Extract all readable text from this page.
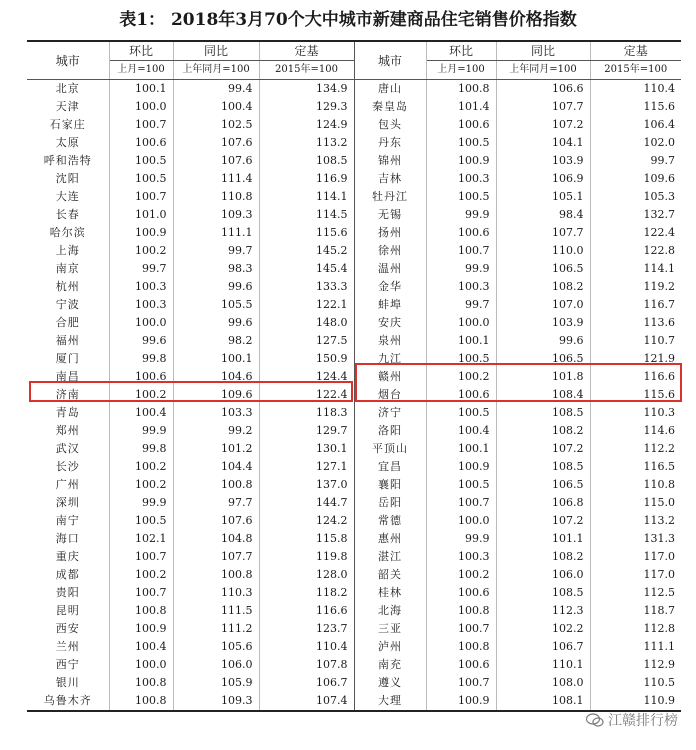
表1： 2018年3月70个大中城市新建商品住宅销售价格指数
城市	环比	同比	定基	城市	环比	同比	定基
	上月=100	上年同月=100	2015年=100		上月=100	上年同月=100	2015年=100
北京	100.1	99.4	134.9	唐山	100.8	106.6	110.4
天津	100.0	100.4	129.3	秦皇岛	101.4	107.7	115.6
石家庄	100.7	102.5	124.9	包头	100.6	107.2	106.4
太原	100.6	107.6	113.2	丹东	100.5	104.1	102.0
呼和浩特	100.5	107.6	108.5	锦州	100.9	103.9	99.7
沈阳	100.5	111.4	116.9	吉林	100.3	106.9	109.6
大连	100.7	110.8	114.1	牡丹江	100.5	105.1	105.3
长春	101.0	109.3	114.5	无锡	99.9	98.4	132.7
哈尔滨	100.9	111.1	115.6	扬州	100.6	107.7	122.4
上海	100.2	99.7	145.2	徐州	100.7	110.0	122.8
南京	99.7	98.3	145.4	温州	99.9	106.5	114.1
杭州	100.3	99.6	133.3	金华	100.3	108.2	119.2
宁波	100.3	105.5	122.1	蚌埠	99.7	107.0	116.7
合肥	100.0	99.6	148.0	安庆	100.0	103.9	113.6
福州	99.6	98.2	127.5	泉州	100.1	99.6	110.7
厦门	99.8	100.1	150.9	九江	100.5	106.5	121.9
南昌	100.6	104.6	124.4	赣州	100.2	101.8	116.6
济南	100.2	109.6	122.4	烟台	100.6	108.4	115.6
青岛	100.4	103.3	118.3	济宁	100.5	108.5	110.3
郑州	99.9	99.2	129.7	洛阳	100.4	108.2	114.6
武汉	99.8	101.2	130.1	平顶山	100.1	107.2	112.2
长沙	100.2	104.4	127.1	宜昌	100.9	108.5	116.5
广州	100.2	100.8	137.0	襄阳	100.5	106.5	110.8
深圳	99.9	97.7	144.7	岳阳	100.7	106.8	115.0
南宁	100.5	107.6	124.2	常德	100.0	107.2	113.2
海口	102.1	104.8	115.8	惠州	99.9	101.1	131.3
重庆	100.7	107.7	119.8	湛江	100.3	108.2	117.0
成都	100.2	100.8	128.0	韶关	100.2	106.0	117.0
贵阳	100.7	110.3	118.2	桂林	100.6	108.5	112.5
昆明	100.8	111.5	116.6	北海	100.8	112.3	118.7
西安	100.9	111.2	123.7	三亚	100.7	102.2	112.8
兰州	100.4	105.6	110.4	泸州	100.8	106.7	111.1
西宁	100.0	106.0	107.8	南充	100.6	110.1	112.9
银川	100.8	105.9	106.7	遵义	100.7	108.0	110.5
乌鲁木齐	100.8	109.3	107.4	大理	100.9	108.1	110.9
江赣排行榜
